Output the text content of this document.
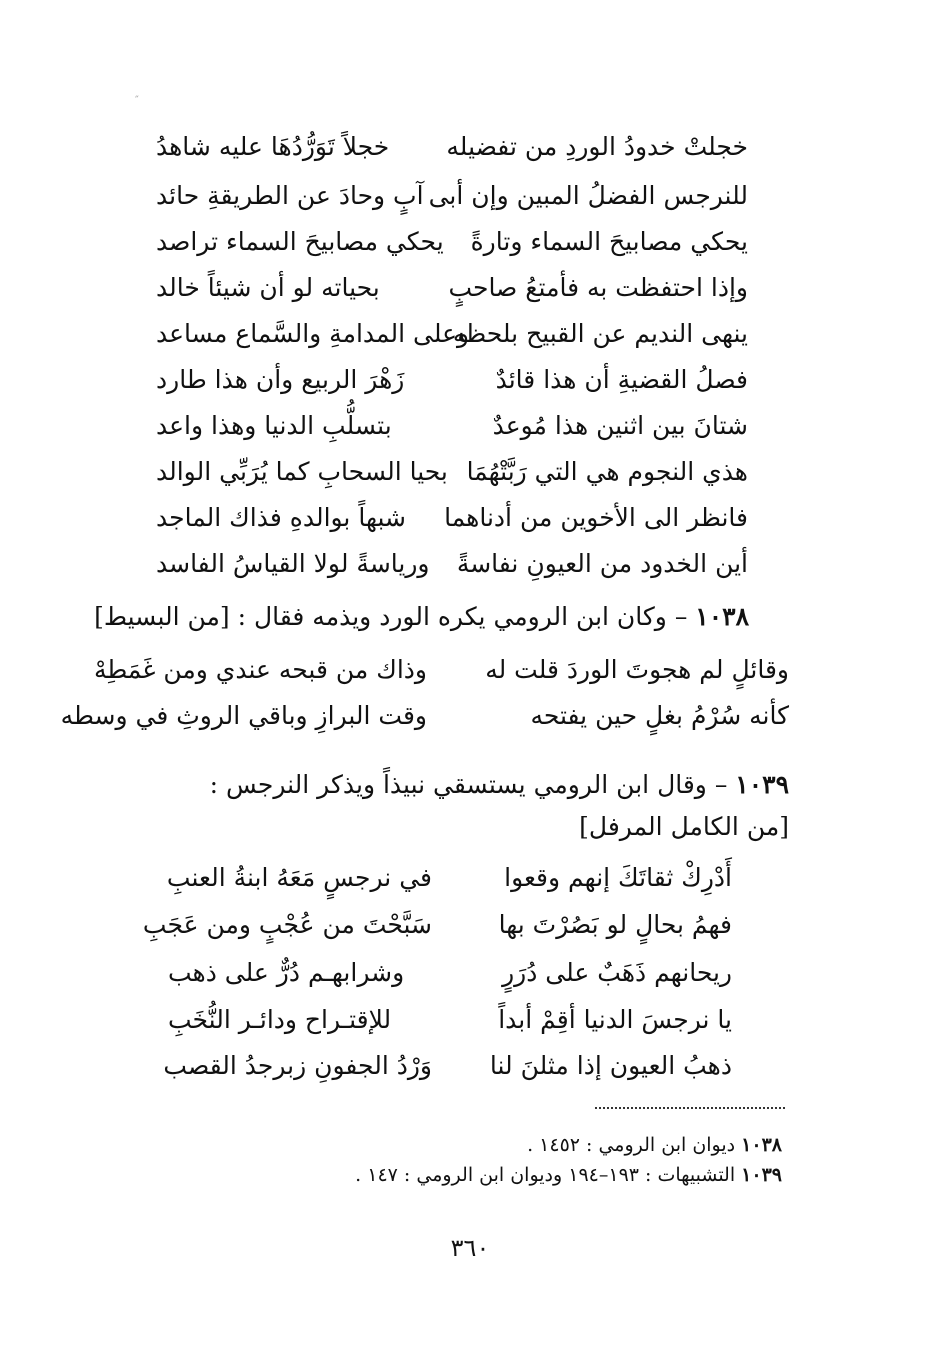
˝
خجلتْ خدودُ الوردِ من تفضيله
خجلاً تَوَرُّدُهَا عليه شاهدُ
للنرجس الفضلُ المبين وإن أبى
آبٍ وحادَ عن الطريقةِ حائد
يحكي مصابيحَ السماء وتارةً
يحكي مصابيحَ السماء تراصد
وإذا احتفظت به فأمتعُ صاحبٍ
بحياته لو أن شيئاً خالد
ينهى النديم عن القبيح بلحظه
وعلى المدامةِ والسَّماع مساعد
فصلُ القضيةِ أن هذا قائدٌ
زَهْرَ الربيع وأن هذا طارد
شتانَ بين اثنين هذا مُوعدٌ
بتسلُّبِ الدنيا وهذا واعد
هذي النجوم هي التي رَبَّتْهُمَا
بحيا السحابِ كما يُرَبِّي الوالد
فانظر الى الأخوين من أدناهما
شبهاً بوالدهِ فذاك الماجد
أين الخدود من العيونِ نفاسةً
ورياسةً لولا القياسُ الفاسد
١٠٣٨ – وكان ابن الرومي يكره الورد ويذمه فقال : [من البسيط]
وقائلٍ لم هجوتَ الوردَ قلت له
وذاك من قبحه عندي ومن غَمَطِهْ
كأنه سُرْمُ بغلٍ حين يفتحه
وقت البرازِ وباقي الروثِ في وسطه
١٠٣٩ – وقال ابن الرومي يستسقي نبيذاً ويذكر النرجس :
[من الكامل المرفل]
أَدْرِكْ ثقاتَكَ إنهم وقعوا
في نرجسٍ مَعَهُ ابنةُ العنبِ
فهمُ بحالٍ لو بَصُرْتَ بها
سَبَّحْتَ من عُجْبٍ ومن عَجَبِ
ريحانهم ذَهَبٌ على دُرَرٍ
وشرابهـم دُرٌّ على ذهب
يا نرجسَ الدنيا أقِمْ أبداً
للإقتـراح ودائـر النُّخَبِ
ذهبُ العيون إذا مثلنَ لنا
وَرْدُ الجفونِ زبرجدُ القصب
١٠٣٨ ديوان ابن الرومي : ١٤٥٢ .
١٠٣٩ التشبيهات : ١٩٣–١٩٤ وديوان ابن الرومي : ١٤٧ .
٣٦٠
